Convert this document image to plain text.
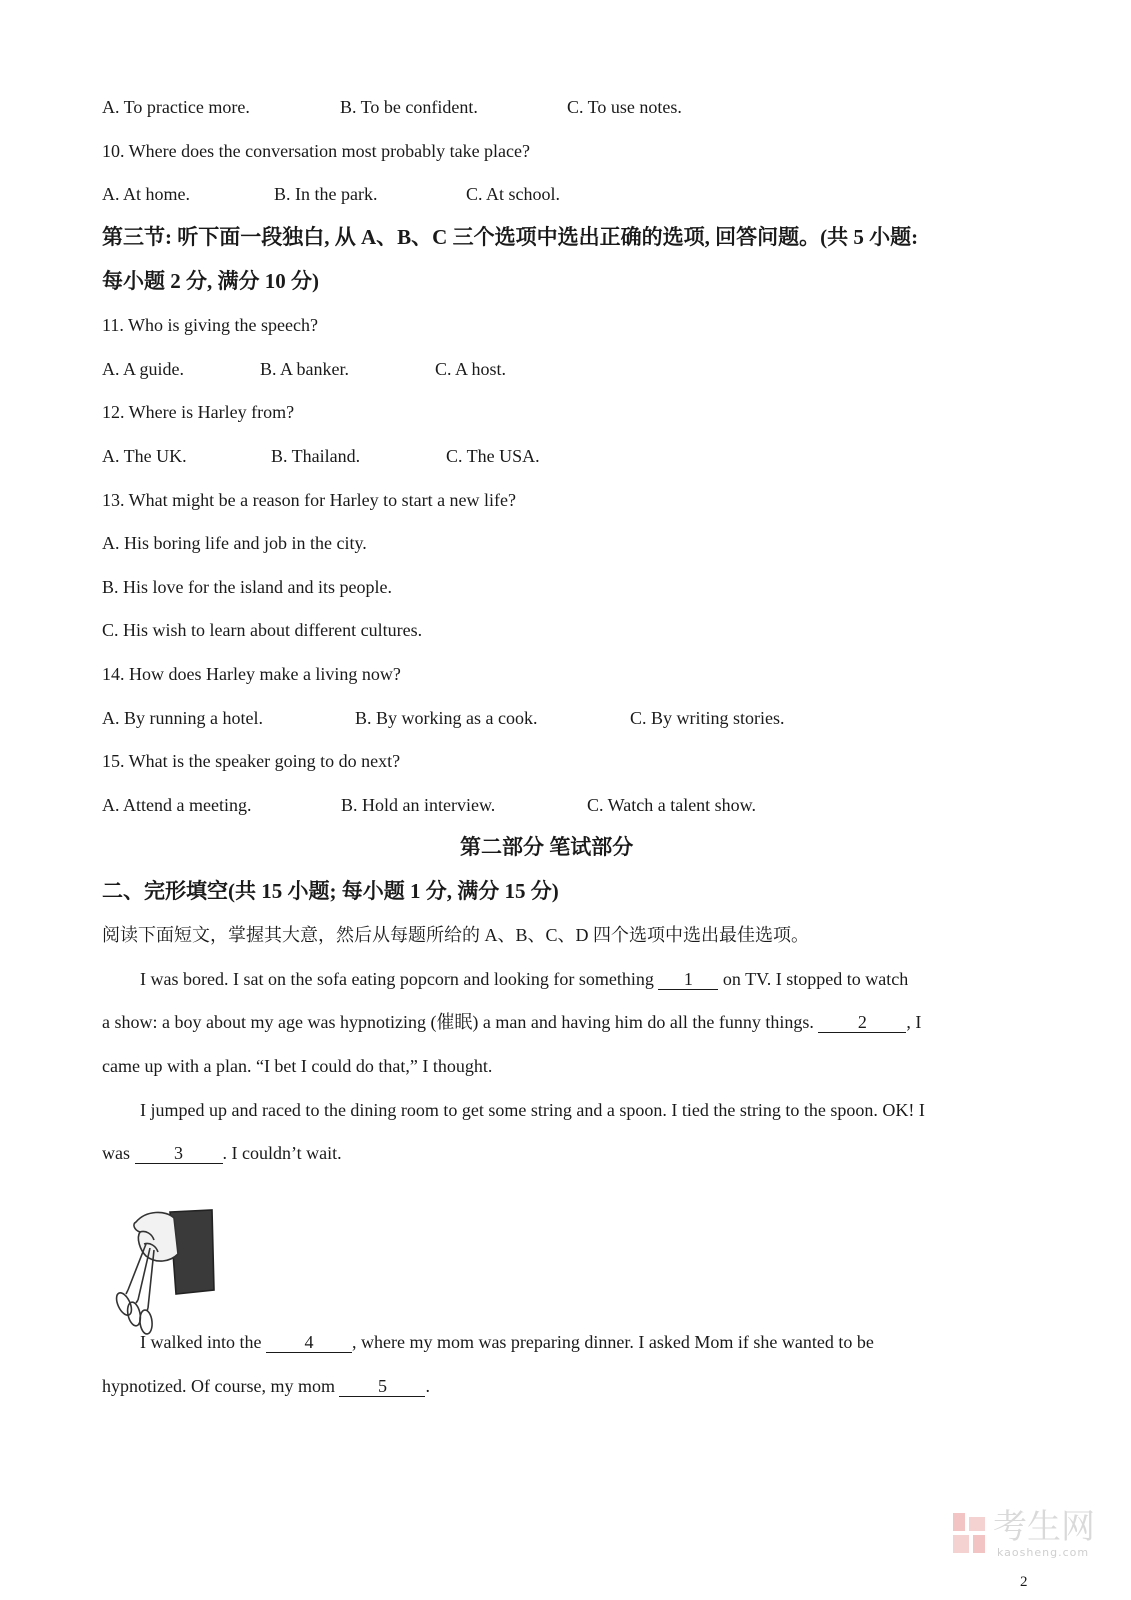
A. To practice more.	B. To be confident.	C. To use notes.
10. Where does the conversation most probably take place?
A. At home.	B. In the park.	C. At school.
第三节: 听下面一段独白, 从 A、B、C 三个选项中选出正确的选项, 回答问题。(共 5 小题:
每小题 2 分, 满分 10 分)
11. Who is giving the speech?
A. A guide.	B. A banker.	C. A host.
12. Where is Harley from?
A. The UK.	B. Thailand.	C. The USA.
13. What might be a reason for Harley to start a new life?
A. His boring life and job in the city.
B. His love for the island and its people.
C. His wish to learn about different cultures.
14. How does Harley make a living now?
A. By running a hotel.	B. By working as a cook.	C. By writing stories.
15. What is the speaker going to do next?
A. Attend a meeting.	B. Hold an interview.	C. Watch a talent show.
第二部分 笔试部分
二、完形填空(共 15 小题; 每小题 1 分, 满分 15 分)
阅读下面短文，掌握其大意，然后从每题所给的 A、B、C、D 四个选项中选出最佳选项。
I was bored. I sat on the sofa eating popcorn and looking for something 1 on TV. I stopped to watch
a show: a boy about my age was hypnotizing (催眠) a man and having him do all the funny things. 2 , I
came up with a plan. “I bet I could do that,” I thought.
I jumped up and raced to the dining room to get some string and a spoon. I tied the string to the spoon. OK! I
was 3 . I couldn’t wait.
I walked into the 4 , where my mom was preparing dinner. I asked Mom if she wanted to be
hypnotized. Of course, my mom 5 .
考生网
kaosheng.com
2
